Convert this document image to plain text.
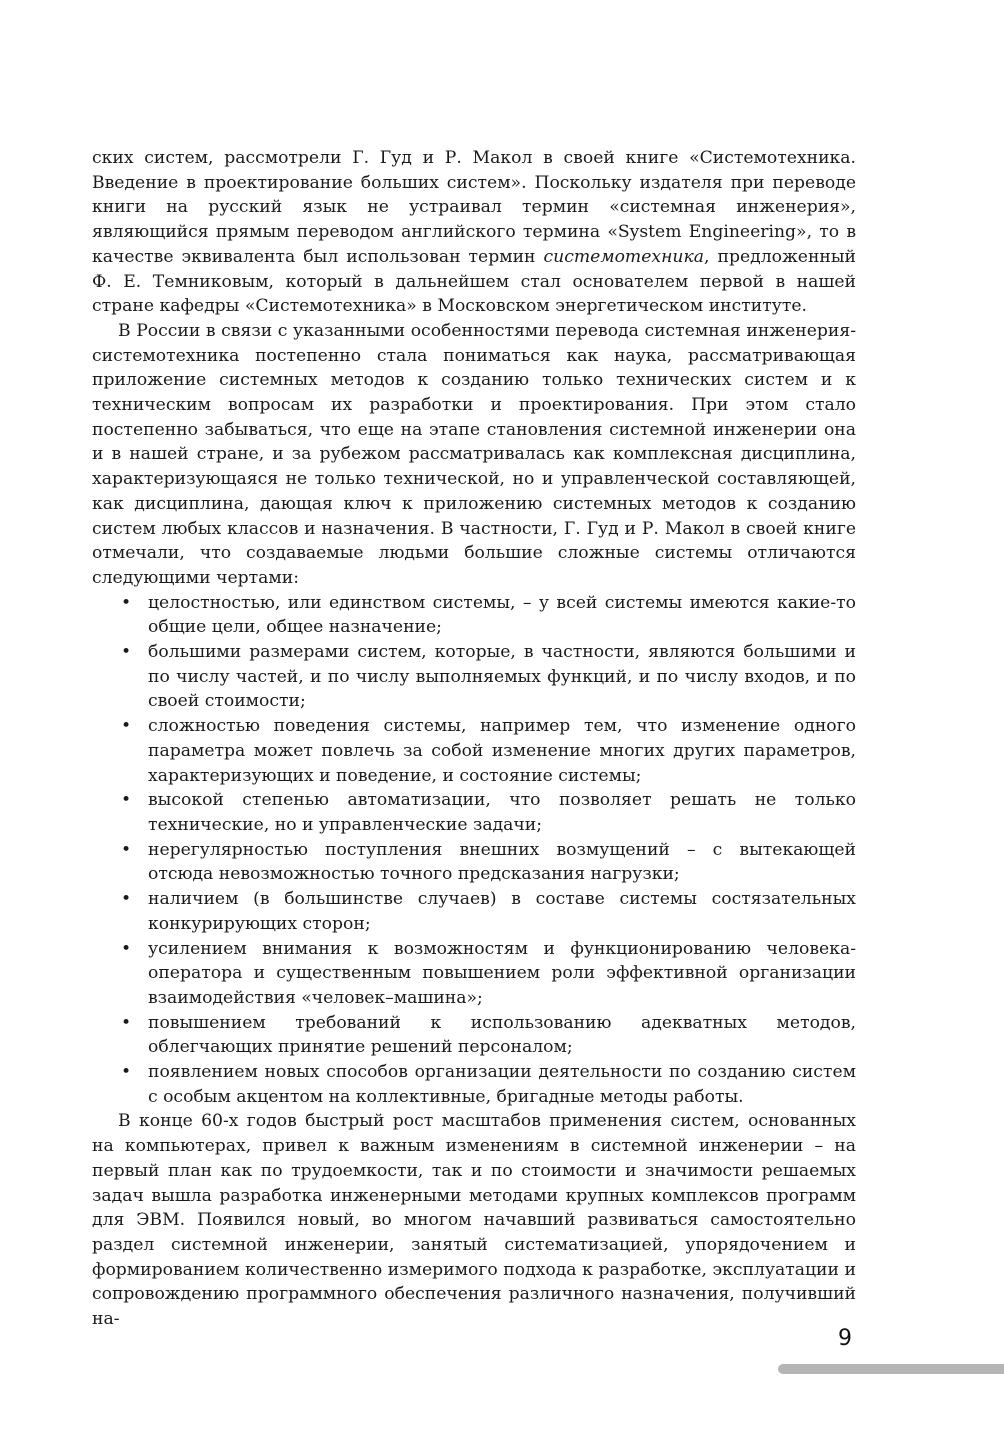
ских систем, рассмотрели Г. Гуд и Р. Макол в своей книге «Системотехника. Введение в проектирование больших систем». Поскольку издателя при переводе книги на русский язык не устраивал термин «системная инженерия», являющийся прямым переводом английского термина «System Engineering», то в качестве эквивалента был использован термин системотехника, предложенный Ф. Е. Темниковым, который в дальнейшем стал основателем первой в нашей стране кафедры «Системотехника» в Московском энергетическом институте.

В России в связи с указанными особенностями перевода системная инженерия-системотехника постепенно стала пониматься как наука, рассматривающая приложение системных методов к созданию только технических систем и к техническим вопросам их разработки и проектирования. При этом стало постепенно забываться, что еще на этапе становления системной инженерии она и в нашей стране, и за рубежом рассматривалась как комплексная дисциплина, характеризующаяся не только технической, но и управленческой составляющей, как дисциплина, дающая ключ к приложению системных методов к созданию систем любых классов и назначения. В частности, Г. Гуд и Р. Макол в своей книге отмечали, что создаваемые людьми большие сложные системы отличаются следующими чертами:

• целостностью, или единством системы, – у всей системы имеются какие-то общие цели, общее назначение;
• большими размерами систем, которые, в частности, являются большими и по числу частей, и по числу выполняемых функций, и по числу входов, и по своей стоимости;
• сложностью поведения системы, например тем, что изменение одного параметра может повлечь за собой изменение многих других параметров, характеризующих и поведение, и состояние системы;
• высокой степенью автоматизации, что позволяет решать не только технические, но и управленческие задачи;
• нерегулярностью поступления внешних возмущений – с вытекающей отсюда невозможностью точного предсказания нагрузки;
• наличием (в большинстве случаев) в составе системы состязательных конкурирующих сторон;
• усилением внимания к возможностям и функционированию человека-оператора и существенным повышением роли эффективной организации взаимодействия «человек–машина»;
• повышением требований к использованию адекватных методов, облегчающих принятие решений персоналом;
• появлением новых способов организации деятельности по созданию систем с особым акцентом на коллективные, бригадные методы работы.

В конце 60-х годов быстрый рост масштабов применения систем, основанных на компьютерах, привел к важным изменениям в системной инженерии – на первый план как по трудоемкости, так и по стоимости и значимости решаемых задач вышла разработка инженерными методами крупных комплексов программ для ЭВМ. Появился новый, во многом начавший развиваться самостоятельно раздел системной инженерии, занятый систематизацией, упорядочением и формированием количественно измеримого подхода к разработке, эксплуатации и сопровождению программного обеспечения различного назначения, получивший на-

9
